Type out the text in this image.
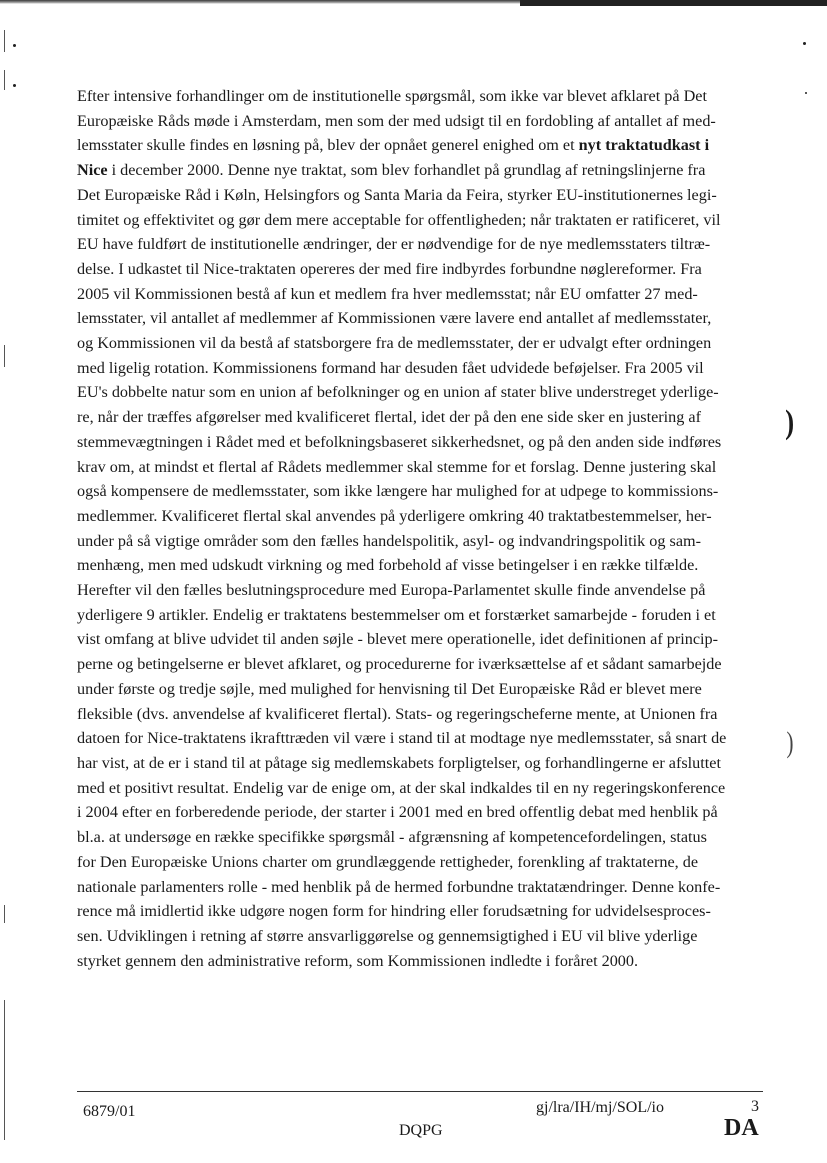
Efter intensive forhandlinger om de institutionelle spørgsmål, som ikke var blevet afklaret på Det
Europæiske Råds møde i Amsterdam, men som der med udsigt til en fordobling af antallet af med-
lemsstater skulle findes en løsning på, blev der opnået generel enighed om et nyt traktatudkast i
Nice i december 2000. Denne nye traktat, som blev forhandlet på grundlag af retningslinjerne fra
Det Europæiske Råd i Køln, Helsingfors og Santa Maria da Feira, styrker EU-institutionernes legi-
timitet og effektivitet og gør dem mere acceptable for offentligheden; når traktaten er ratificeret, vil
EU have fuldført de institutionelle ændringer, der er nødvendige for de nye medlemsstaters tiltræ-
delse. I udkastet til Nice-traktaten opereres der med fire indbyrdes forbundne nøglereformer. Fra
2005 vil Kommissionen bestå af kun et medlem fra hver medlemsstat; når EU omfatter 27 med-
lemsstater, vil antallet af medlemmer af Kommissionen være lavere end antallet af medlemsstater,
og Kommissionen vil da bestå af statsborgere fra de medlemsstater, der er udvalgt efter ordningen
med ligelig rotation. Kommissionens formand har desuden fået udvidede beføjelser. Fra 2005 vil
EU's dobbelte natur som en union af befolkninger og en union af stater blive understreget yderlige-
re, når der træffes afgørelser med kvalificeret flertal, idet der på den ene side sker en justering af
stemmevægtningen i Rådet med et befolkningsbaseret sikkerhedsnet, og på den anden side indføres
krav om, at mindst et flertal af Rådets medlemmer skal stemme for et forslag. Denne justering skal
også kompensere de medlemsstater, som ikke længere har mulighed for at udpege to kommissions-
medlemmer. Kvalificeret flertal skal anvendes på yderligere omkring 40 traktatbestemmelser, her-
under på så vigtige områder som den fælles handelspolitik, asyl- og indvandringspolitik og sam-
menhæng, men med udskudt virkning og med forbehold af visse betingelser i en række tilfælde.
Herefter vil den fælles beslutningsprocedure med Europa-Parlamentet skulle finde anvendelse på
yderligere 9 artikler. Endelig er traktatens bestemmelser om et forstærket samarbejde - foruden i et
vist omfang at blive udvidet til anden søjle - blevet mere operationelle, idet definitionen af princip-
perne og betingelserne er blevet afklaret, og procedurerne for iværksættelse af et sådant samarbejde
under første og tredje søjle, med mulighed for henvisning til Det Europæiske Råd er blevet mere
fleksible (dvs. anvendelse af kvalificeret flertal). Stats- og regeringscheferne mente, at Unionen fra
datoen for Nice-traktatens ikrafttræden vil være i stand til at modtage nye medlemsstater, så snart de
har vist, at de er i stand til at påtage sig medlemskabets forpligtelser, og forhandlingerne er afsluttet
med et positivt resultat. Endelig var de enige om, at der skal indkaldes til en ny regeringskonference
i 2004 efter en forberedende periode, der starter i 2001 med en bred offentlig debat med henblik på
bl.a. at undersøge en række specifikke spørgsmål - afgrænsning af kompetencefordelingen, status
for Den Europæiske Unions charter om grundlæggende rettigheder, forenkling af traktaterne, de
nationale parlamenters rolle - med henblik på de hermed forbundne traktatændringer. Denne konfe-
rence må imidlertid ikke udgøre nogen form for hindring eller forudsætning for udvidelsesproces-
sen. Udviklingen i retning af større ansvarliggørelse og gennemsigtighed i EU vil blive yderlige
styrket gennem den administrative reform, som Kommissionen indledte i foråret 2000.
)
)
6879/01
DQPG
gj/lra/IH/mj/SOL/io	3
DA
